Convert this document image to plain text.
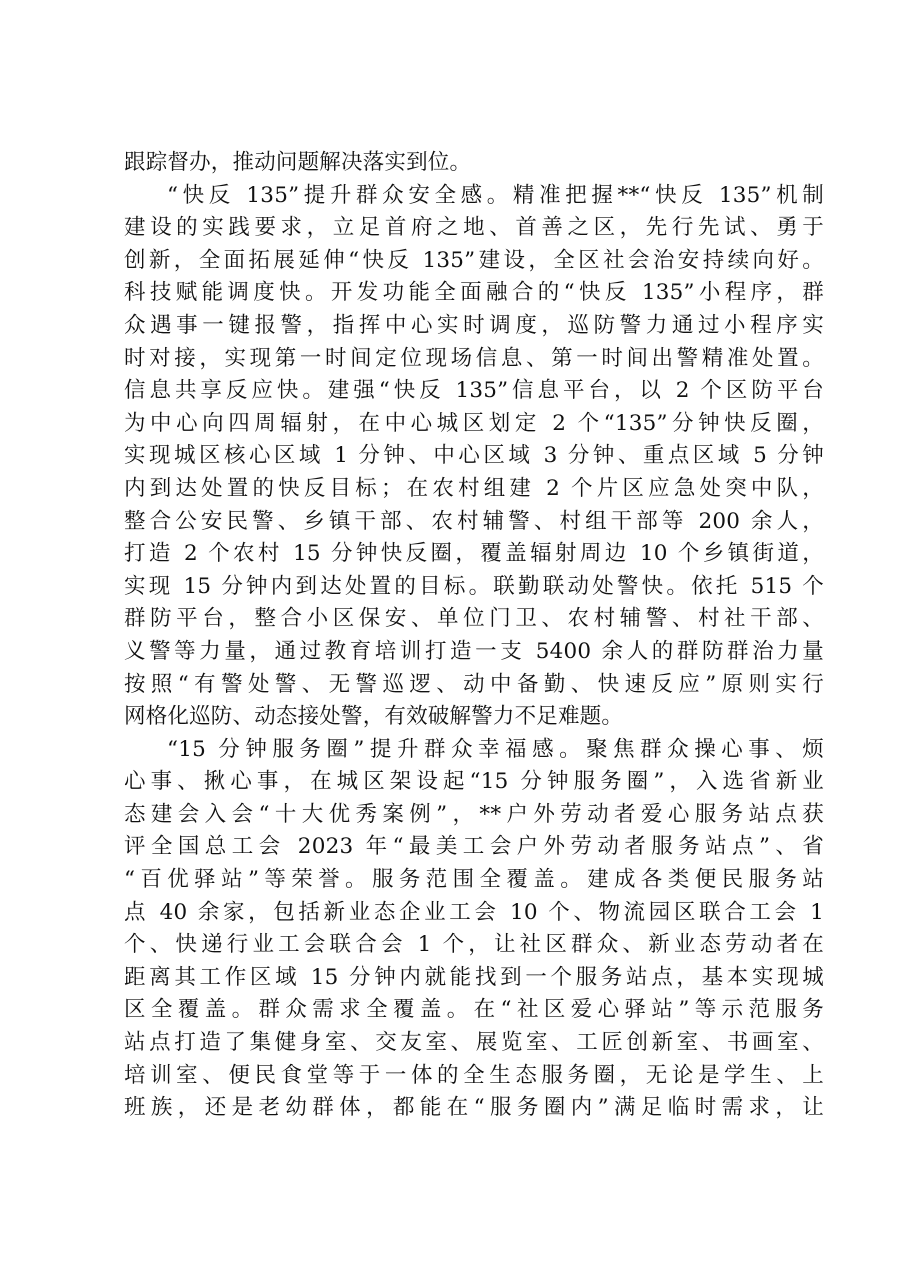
跟踪督办，推动问题解决落实到位。
“快反 135”提升群众安全感。精准把握**“快反 135”机制
建设的实践要求，立足首府之地、首善之区，先行先试、勇于
创新，全面拓展延伸“快反 135”建设，全区社会治安持续向好。
科技赋能调度快。开发功能全面融合的“快反 135”小程序，群
众遇事一键报警，指挥中心实时调度，巡防警力通过小程序实
时对接，实现第一时间定位现场信息、第一时间出警精准处置。
信息共享反应快。建强“快反 135”信息平台，以 2 个区防平台
为中心向四周辐射，在中心城区划定 2 个“135”分钟快反圈，
实现城区核心区域 1 分钟、中心区域 3 分钟、重点区域 5 分钟
内到达处置的快反目标；在农村组建 2 个片区应急处突中队，
整合公安民警、乡镇干部、农村辅警、村组干部等 200 余人，
打造 2 个农村 15 分钟快反圈，覆盖辐射周边 10 个乡镇街道，
实现 15 分钟内到达处置的目标。联勤联动处警快。依托 515 个
群防平台，整合小区保安、单位门卫、农村辅警、村社干部、
义警等力量，通过教育培训打造一支 5400 余人的群防群治力量
按照“有警处警、无警巡逻、动中备勤、快速反应”原则实行
网格化巡防、动态接处警，有效破解警力不足难题。
“15 分钟服务圈”提升群众幸福感。聚焦群众操心事、烦
心事、揪心事，在城区架设起“15 分钟服务圈”，入选省新业
态建会入会“十大优秀案例”，**户外劳动者爱心服务站点获
评全国总工会 2023 年“最美工会户外劳动者服务站点”、省
“百优驿站”等荣誉。服务范围全覆盖。建成各类便民服务站
点 40 余家，包括新业态企业工会 10 个、物流园区联合工会 1
个、快递行业工会联合会 1 个，让社区群众、新业态劳动者在
距离其工作区域 15 分钟内就能找到一个服务站点，基本实现城
区全覆盖。群众需求全覆盖。在“社区爱心驿站”等示范服务
站点打造了集健身室、交友室、展览室、工匠创新室、书画室、
培训室、便民食堂等于一体的全生态服务圈，无论是学生、上
班族，还是老幼群体，都能在“服务圈内”满足临时需求，让
